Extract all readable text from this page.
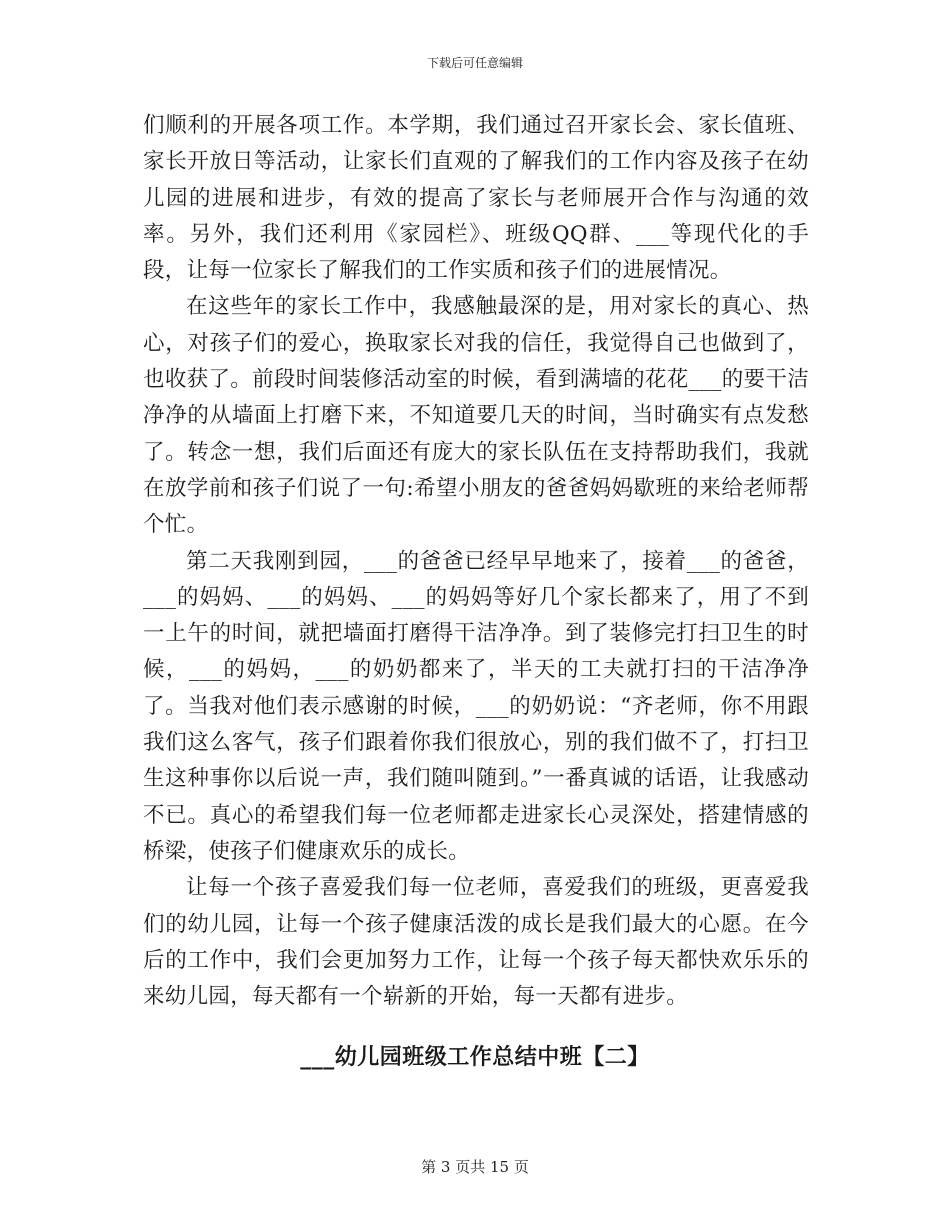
下载后可任意编辑

们顺利的开展各项工作。本学期，我们通过召开家长会、家长值班、家长开放日等活动，让家长们直观的了解我们的工作内容及孩子在幼儿园的进展和进步，有效的提高了家长与老师展开合作与沟通的效率。另外，我们还利用《家园栏》、班级QQ群、___等现代化的手段，让每一位家长了解我们的工作实质和孩子们的进展情况。

在这些年的家长工作中，我感触最深的是，用对家长的真心、热心，对孩子们的爱心，换取家长对我的信任，我觉得自己也做到了，也收获了。前段时间装修活动室的时候，看到满墙的花花___的要干洁净净的从墙面上打磨下来，不知道要几天的时间，当时确实有点发愁了。转念一想，我们后面还有庞大的家长队伍在支持帮助我们，我就在放学前和孩子们说了一句:希望小朋友的爸爸妈妈歇班的来给老师帮个忙。

第二天我刚到园，___的爸爸已经早早地来了，接着___的爸爸，___的妈妈、___的妈妈、___的妈妈等好几个家长都来了，用了不到一上午的时间，就把墙面打磨得干洁净净。到了装修完打扫卫生的时候，___的妈妈，___的奶奶都来了，半天的工夫就打扫的干洁净净了。当我对他们表示感谢的时候，___的奶奶说：“齐老师，你不用跟我们这么客气，孩子们跟着你我们很放心，别的我们做不了，打扫卫生这种事你以后说一声，我们随叫随到。”一番真诚的话语，让我感动不已。真心的希望我们每一位老师都走进家长心灵深处，搭建情感的桥梁，使孩子们健康欢乐的成长。

让每一个孩子喜爱我们每一位老师，喜爱我们的班级，更喜爱我们的幼儿园，让每一个孩子健康活泼的成长是我们最大的心愿。在今后的工作中，我们会更加努力工作，让每一个孩子每天都快欢乐乐的来幼儿园，每天都有一个崭新的开始，每一天都有进步。

___幼儿园班级工作总结中班【二】
第 3 页共 15 页
